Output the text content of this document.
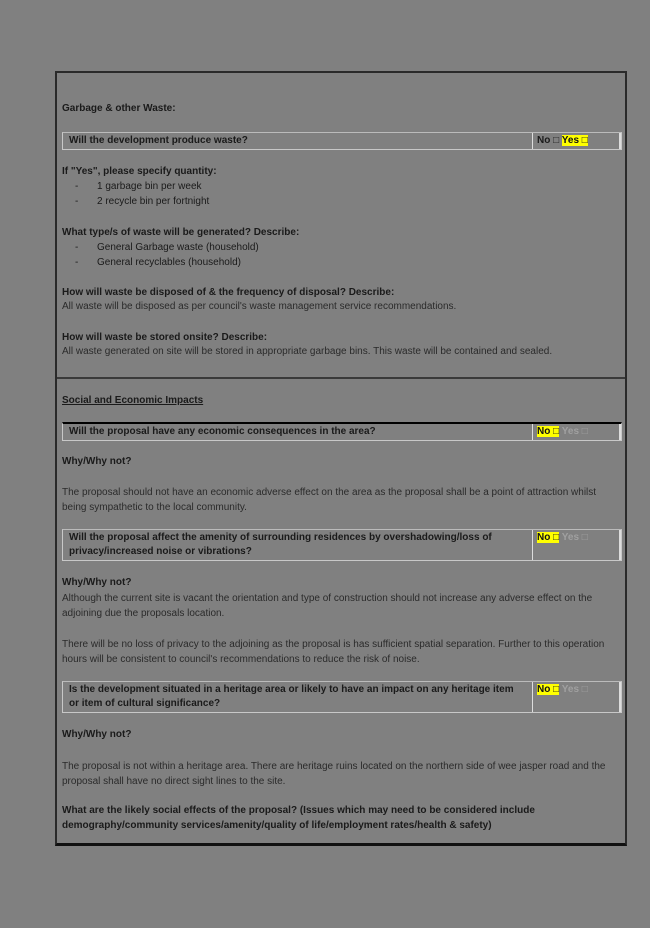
Garbage & other Waste:
Will the development produce waste?	No □ Yes □
If "Yes", please specify quantity:
- 1 garbage bin per week
- 2 recycle bin per fortnight
What type/s of waste will be generated? Describe:
- General Garbage waste (household)
- General recyclables (household)
How will waste be disposed of & the frequency of disposal? Describe:
All waste will be disposed as per council's waste management service recommendations.
How will waste be stored onsite? Describe:
All waste generated on site will be stored in appropriate garbage bins. This waste will be contained and sealed.
Social and Economic Impacts
Will the proposal have any economic consequences in the area?	No □ Yes □
Why/Why not?
The proposal should not have an economic adverse effect on the area as the proposal shall be a point of attraction whilst being sympathetic to the local community.
Will the proposal affect the amenity of surrounding residences by overshadowing/loss of privacy/increased noise or vibrations?
No □ Yes □
Why/Why not?
Although the current site is vacant the orientation and type of construction should not increase any adverse effect on the adjoining due the proposals location.
There will be no loss of privacy to the adjoining as the proposal is has sufficient spatial separation. Further to this operation hours will be consistent to council's recommendations to reduce the risk of noise.
Is the development situated in a heritage area or likely to have an impact on any heritage item or item of cultural significance?
No □ Yes □
Why/Why not?
The proposal is not within a heritage area. There are heritage ruins located on the northern side of wee jasper road and the proposal shall have no direct sight lines to the site.
What are the likely social effects of the proposal? (Issues which may need to be considered include demography/community services/amenity/quality of life/employment rates/health & safety)
